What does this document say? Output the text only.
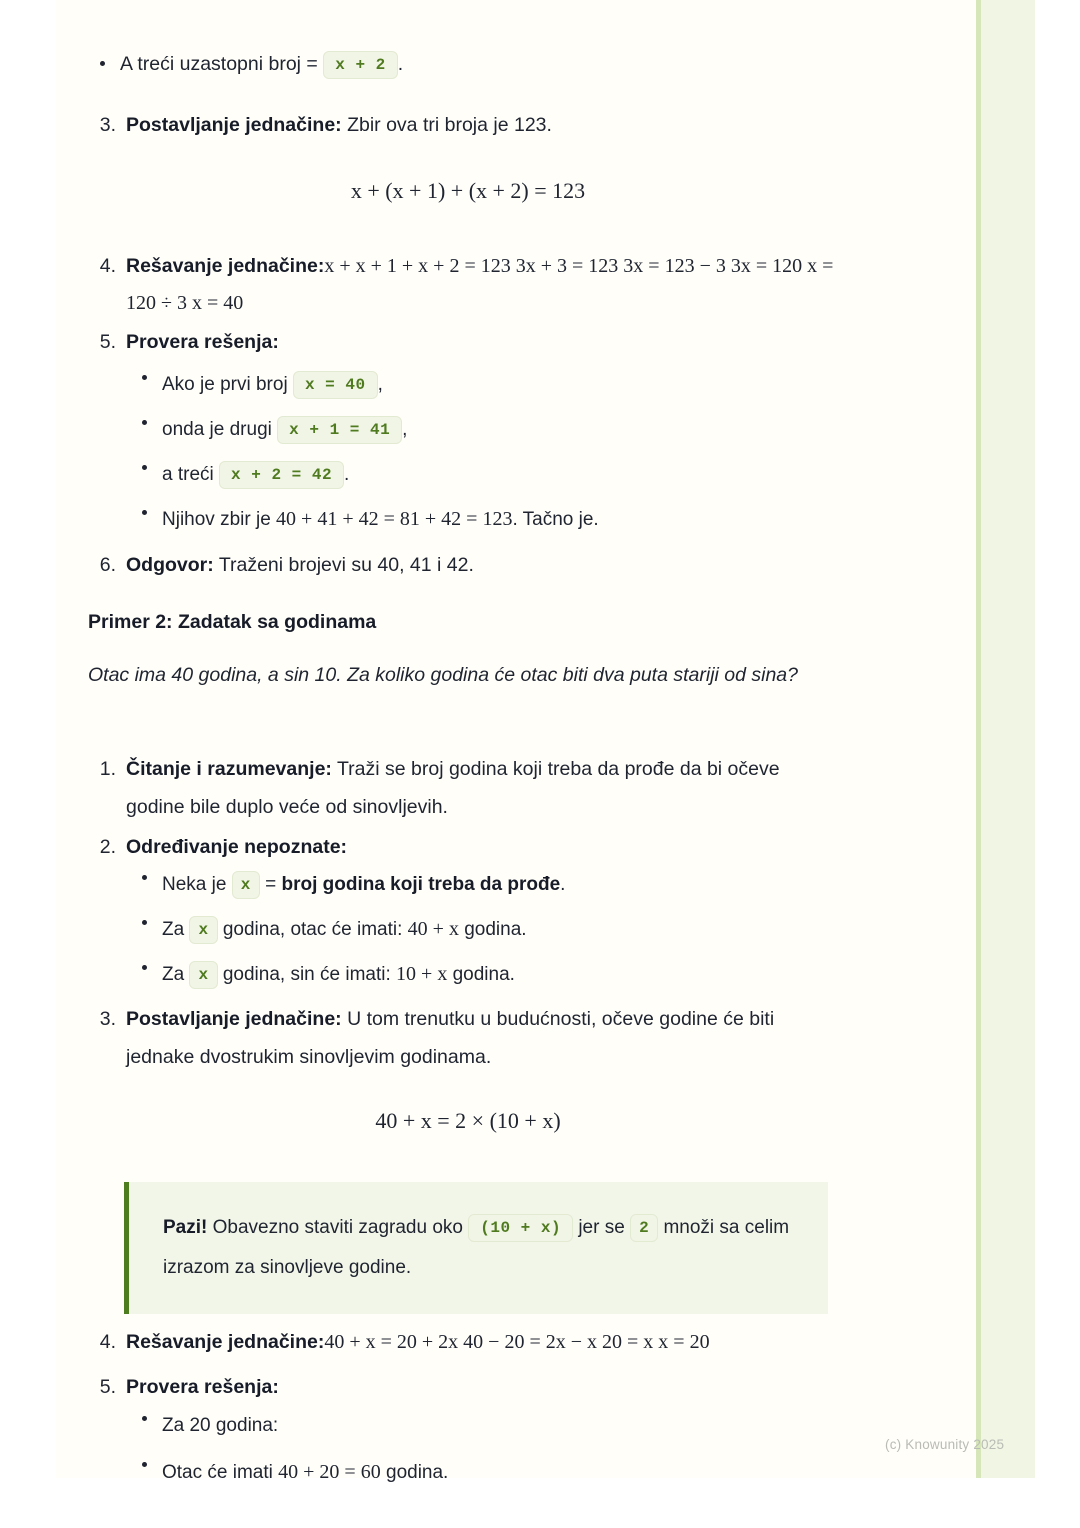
A treći uzastopni broj = x + 2 .
3. Postavljanje jednačine: Zbir ova tri broja je 123.
x + (x + 1) + (x + 2) = 123
4. Rešavanje jednačine:x + x + 1 + x + 2 = 123 3x + 3 = 123 3x = 123 − 3 3x = 120 x = 120 ÷ 3 x = 40
5. Provera rešenja:
Ako je prvi broj x = 40 ,
onda je drugi x + 1 = 41 ,
a treći x + 2 = 42 .
Njihov zbir je 40 + 41 + 42 = 81 + 42 = 123. Tačno je.
6. Odgovor: Traženi brojevi su 40, 41 i 42.
Primer 2: Zadatak sa godinama
Otac ima 40 godina, a sin 10. Za koliko godina će otac biti dva puta stariji od sina?
1. Čitanje i razumevanje: Traži se broj godina koji treba da prođe da bi očeve godine bile duplo veće od sinovljevih.
2. Određivanje nepoznate:
Neka je x = broj godina koji treba da prođe.
Za x godina, otac će imati: 40 + x godina.
Za x godina, sin će imati: 10 + x godina.
3. Postavljanje jednačine: U tom trenutku u budućnosti, očeve godine će biti jednake dvostrukim sinovljevim godinama.
40 + x = 2 × (10 + x)
Pazi! Obavezno staviti zagradu oko (10 + x) jer se 2 množi sa celim izrazom za sinovljeve godine.
4. Rešavanje jednačine:40 + x = 20 + 2x 40 − 20 = 2x − x 20 = x x = 20
5. Provera rešenja:
Za 20 godina:
Otac će imati 40 + 20 = 60 godina.
(c) Knowunity 2025
